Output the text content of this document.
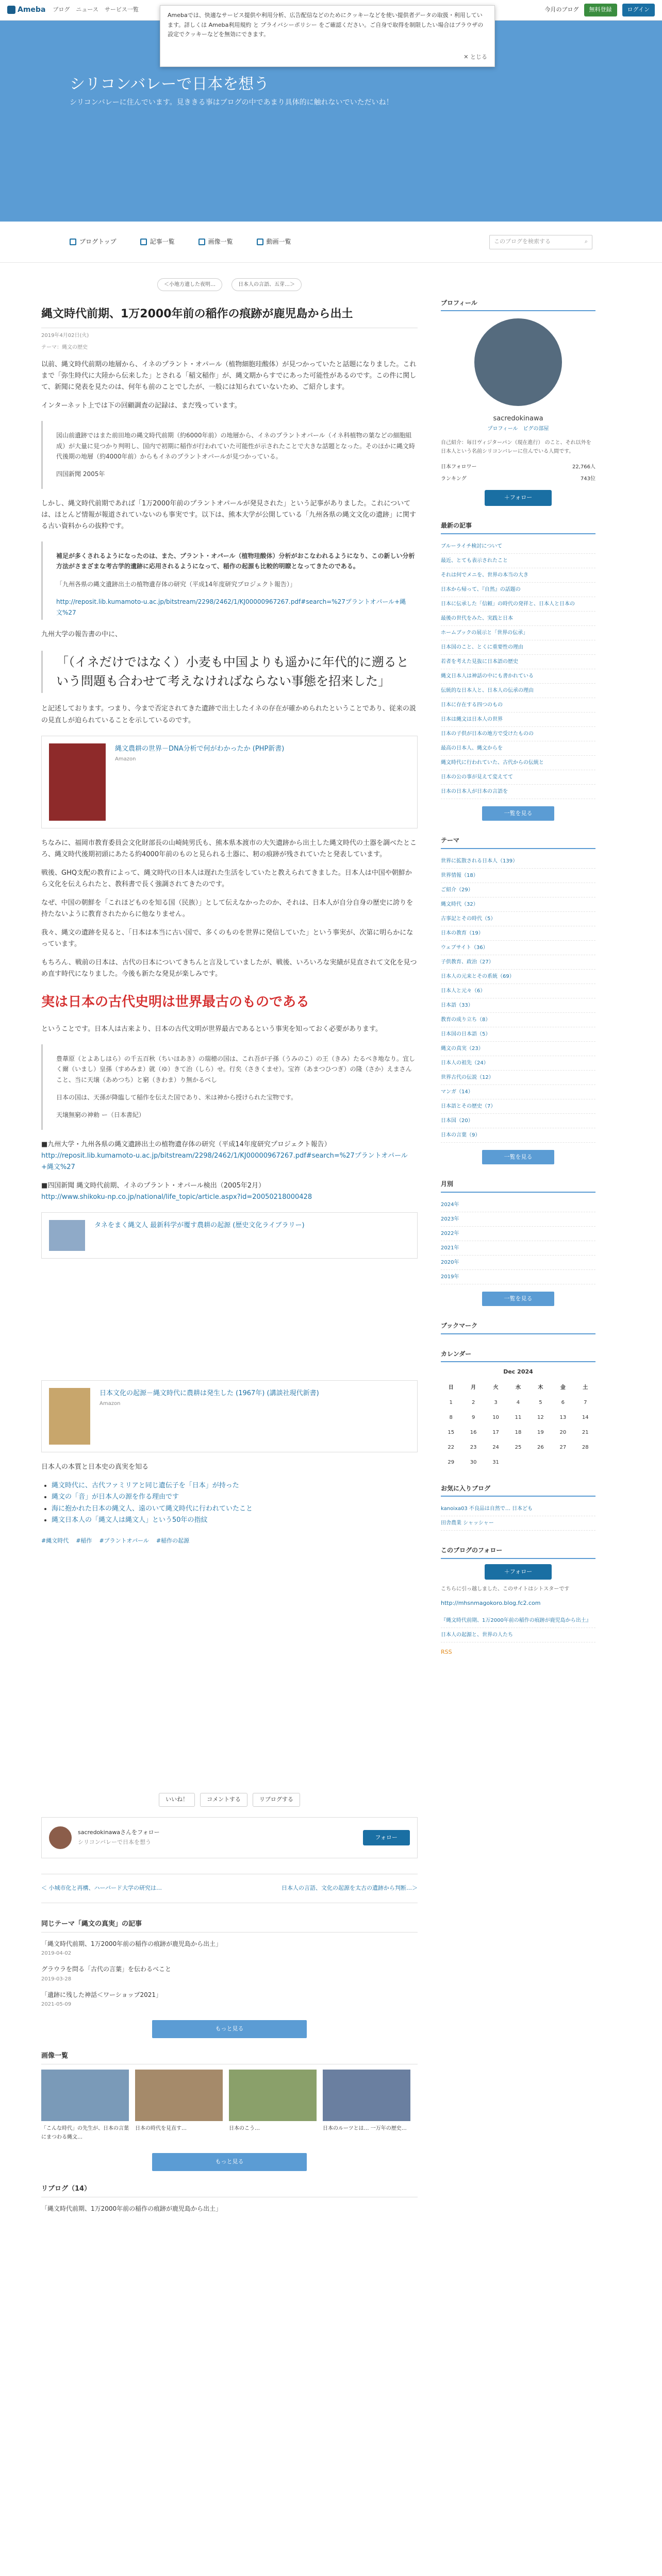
Ameba ブログ ニュース サービス一覧	今月のブログ	無料登録	ログイン

Amebaでは、快適なサービス提供や利用分析、広告配信などのためにクッキーなどを使い提供者データの取扱・利用しています。詳しくは Ameba利用規約 と プライバシーポリシー をご確認ください。ご自身で取得を制限したい場合はブラウザの設定でクッキーなどを無効にできます。

✕ とじる
シリコンバレーで日本を想う

シリコンバレーに住んでいます。見ききる事はブログの中であまり具体的に触れないでいただいね！

ブログトップ	記事一覧	画像一覧	動画一覧	このブログを検索する	⌕
＜小地方遺した夜明…	日本人の言語、五芽…＞
縄文時代前期、1万2000年前の稲作の痕跡が鹿児島から出土
2019年4月02日(火)
テーマ：縄文の歴史

以前、縄文時代前期の地層から、イネのプラント・オパール（植物細胞珪酸体）が見つかっていたと話題になりました。これまで「弥生時代に大陸から伝来した」とされる「稲文稲作」が、縄文期からすでにあった可能性があるのです。この件に関して、新聞に発表を見たのは、何年も前のことでしたが、一般には知られていないため、ご紹介します。

インターネット上では下の回顧調査の記録は、まだ残っています。

図山前遺跡ではまた前田地の縄文時代前期（約6000年前）の地層から、イネのプラントオパール（イネ科植物の葉などの細胞組成）が大量に見つかり判明し、国内で初期に稲作が行われていた可能性が示されたことで大きな話題となった。そのほかに縄文時代後期の地層（約4000年前）からもイネのプラントオパールが見つかっている。

四国新聞 2005年

しかし、縄文時代前期であれば「1万2000年前のプラントオパールが発見された」という記事がありました。これについては、ほとんど情報が報道されていないのも事実です。以下は、熊本大学が公開している「九州各県の縄文文化の遺跡」に関する古い資料からの抜粋です。

補足が多くされるようになったのは、また、プラント・オパール（植物珪酸体）分析がおこなわれるようになり、この新しい分析方法がさまざまな考古学的遺跡に応用されるようになって、稲作の起源も比較的明瞭となってきたのである。

「九州各県の縄文遺跡出土の植物遺存体の研究（平成14年度研究プロジェクト報告）」

http://reposit.lib.kumamoto-u.ac.jp/bitstream/2298/2462/1/KJ00000967267.pdf#search=%27プラントオパール+縄文%27

九州大学の報告書の中に、

「（イネだけではなく）小麦も中国よりも遥かに年代的に遡るという問題も合わせて考えなければならない事態を招来した」

と記述しております。つまり、今まで否定されてきた遺跡で出土したイネの存在が確かめられたということであり、従来の説の見直しが迫られていることを示しているのです。

縄文農耕の世界－DNA分析で何がわかったか (PHP新書)
Amazon

ちなみに、福岡市教育委員会文化財部長の山崎純男氏も、熊本県本渡市の大矢遺跡から出土した縄文時代の土器を調べたところ、縄文時代後期初頭にあたる約4000年前のものと見られる土器に、籾の痕跡が残されていたと発表しています。

戦後、GHQ支配の教育によって、縄文時代の日本人は遅れた生活をしていたと教えられてきました。日本人は中国や朝鮮から文化を伝えられたと、教科書で長く強調されてきたのです。

なぜ、中国の朝鮮を「これほどものを知る国（民族）」として伝えなかったのか、それは、日本人が自分自身の歴史に誇りを持たないように教育されたからに他なりません。

我々、縄文の遺跡を見ると、「日本は本当に古い国で、多くのものを世界に発信していた」という事実が、次第に明らかになっています。

もちろん、戦前の日本は、古代の日本についてきちんと言及していましたが、戦後、いろいろな実績が見直されて文化を見つめ直す時代になりました。今後も新たな発見が楽しみです。

実は日本の古代史明は世界最古のものである

ということです。日本人は古来より、日本の古代文明が世界最古であるという事実を知っておく必要があります。

豊葦原（とよあしはら）の千五百秋（ちいほあき）の瑞穂の国は、これ吾が子孫（うみのこ）の王（きみ）たるべき地なり。宜しく爾（いまし）皇孫（すめみま）就（ゆ）きて治（しら）せ。行矣（さきくませ）。宝祚（あまつひつぎ）の隆（さか）えまさんこと、当に天壌（あめつち）と窮（きわま）り無かるべし

日本の国は、天孫が降臨して稲作を伝えた国であり、米は神から授けられた宝物です。

天壌無窮の神勅 ー（日本書紀）

■九州大学・九州各県の縄文遺跡出土の植物遺存体の研究（平成14年度研究プロジェクト報告）
http://reposit.lib.kumamoto-u.ac.jp/bitstream/2298/2462/1/KJ00000967267.pdf#search=%27プラントオパール+縄文%27

■四国新聞 縄文時代前期、イネのプラント・オパール検出（2005年2月）
http://www.shikoku-np.co.jp/national/life_topic/article.aspx?id=20050218000428

タネをまく縄文人 最新科学が覆す農耕の起源 (歴史文化ライブラリー)
日本文化の起源－縄文時代に農耕は発生した (1967年) (講談社現代新書)
Amazon

日本人の本質と日本史の真実を知る

• 縄文時代に、古代ファミリアと同じ遺伝子を「日本」が持った
• 縄文の「音」が日本人の源を作る理由です
• 海に抱かれた日本の縄文人、遠のいて縄文時代に行われていたこと
• 縄文日本人の「縄文人は縄文人」という50年の指紋
#縄文時代 #稲作 #プラントオパール #稲作の起源
いいね！	コメントする	リブログする
sacredokinawaさんをフォロー
シリコンバレーで日本を想う
フォロー
＜ 小城市化と再構、ハーバード大学の研究は…	日本人の言語、文化の起源を太古の遺跡から判断…＞
同じテーマ「縄文の真実」の記事
「縄文時代前期、1万2000年前の稲作の痕跡が鹿児島から出土」
2019-04-02
グラウラを問る「古代の言葉」を伝わるべこと
2019-03-28
「遺跡に残した神話＜ワーショップ2021」
2021-05-09
もっと見る
画像一覧
「こんな時代」の先生が、日本の言葉にまつわる縄文…
日本の時代を見直す…	日本のこう…	日本のルーツとは… 一万年の歴史…
もっと見る
リブログ（14）
「縄文時代前期、1万2000年前の稲作の痕跡が鹿児島から出土」
プロフィール
sacredokinawa
プロフィール　ピグの部屋
自己紹介：毎日ヴィジターパン（現在進行） のこと、それ以外を日本人という名前シリコンバレーに住んでいる人間です。
日本フォロワー	22,766人
ランキング	743位
＋フォロー
最新の記事
ブルーライチ検討について
最近、とても表示されたこと
それは何でメニを、世界の本当の大き
日本から帰って、『自然』の話題の
日本に伝承した「信頼」の時代の発祥と、日本人と日本の
最後の世代をみた、実践と日本
ホームブックの展示と「世界の伝承」
日本国のこと、とくに重要性の理由
若者を考えた見抜に日本語の歴史
縄文日本人は神話の中にも書かれている
伝統的な日本人と、日本人の伝承の理由
日本に存在する四つのもの
日本は縄文は日本人の世界
日本の子供が日本の地方で受けたものの
最高の日本人、縄文からを
縄文時代に行われていた、古代からの伝統と
日本の公の事が見えて変えてて
日本の日本人が日本の言語を
一覧を見る
テーマ
世界に拡散される日本人（139）
世界情報（18）
ご紹介（29）
縄文時代（32）
古事記とその時代（5）
日本の教育（19）
ウェブサイト（36）
子供教育、政治（27）
日本人の元来とその系統（69）
日本人と元々（6）
日本語（33）
教育の成り立ち（8）
日本国の日本語（5）
縄文の真実（23）
日本人の祖先（24）
世界古代の伝説（12）
マンガ（14）
日本語とその歴史（7）
日本国（20）
日本の言葉（9）
一覧を見る
月別
2024年
2023年
2022年
2021年
2020年
2019年
一覧を見る
ブックマーク
カレンダー
Dec 2024
日	月	火	水	木	金	土
1	2	3	4	5	6	7
8	9	10	11	12	13	14
15	16	17	18	19	20	21
22	23	24	25	26	27	28
29	30	31
お気に入りブログ
kanoixa03 不良品は自然で… 日本ども
田舎農業 シャッシャー
このブログのフォロー
＋フォロー
こちらに引っ越しました、このサイトはシトスターです
http://mhsnmagokoro.blog.fc2.com
『縄文時代前期、1万2000年前の稲作の痕跡が鹿児島から出土』
日本人の起源と、世界の人たち
RSS
